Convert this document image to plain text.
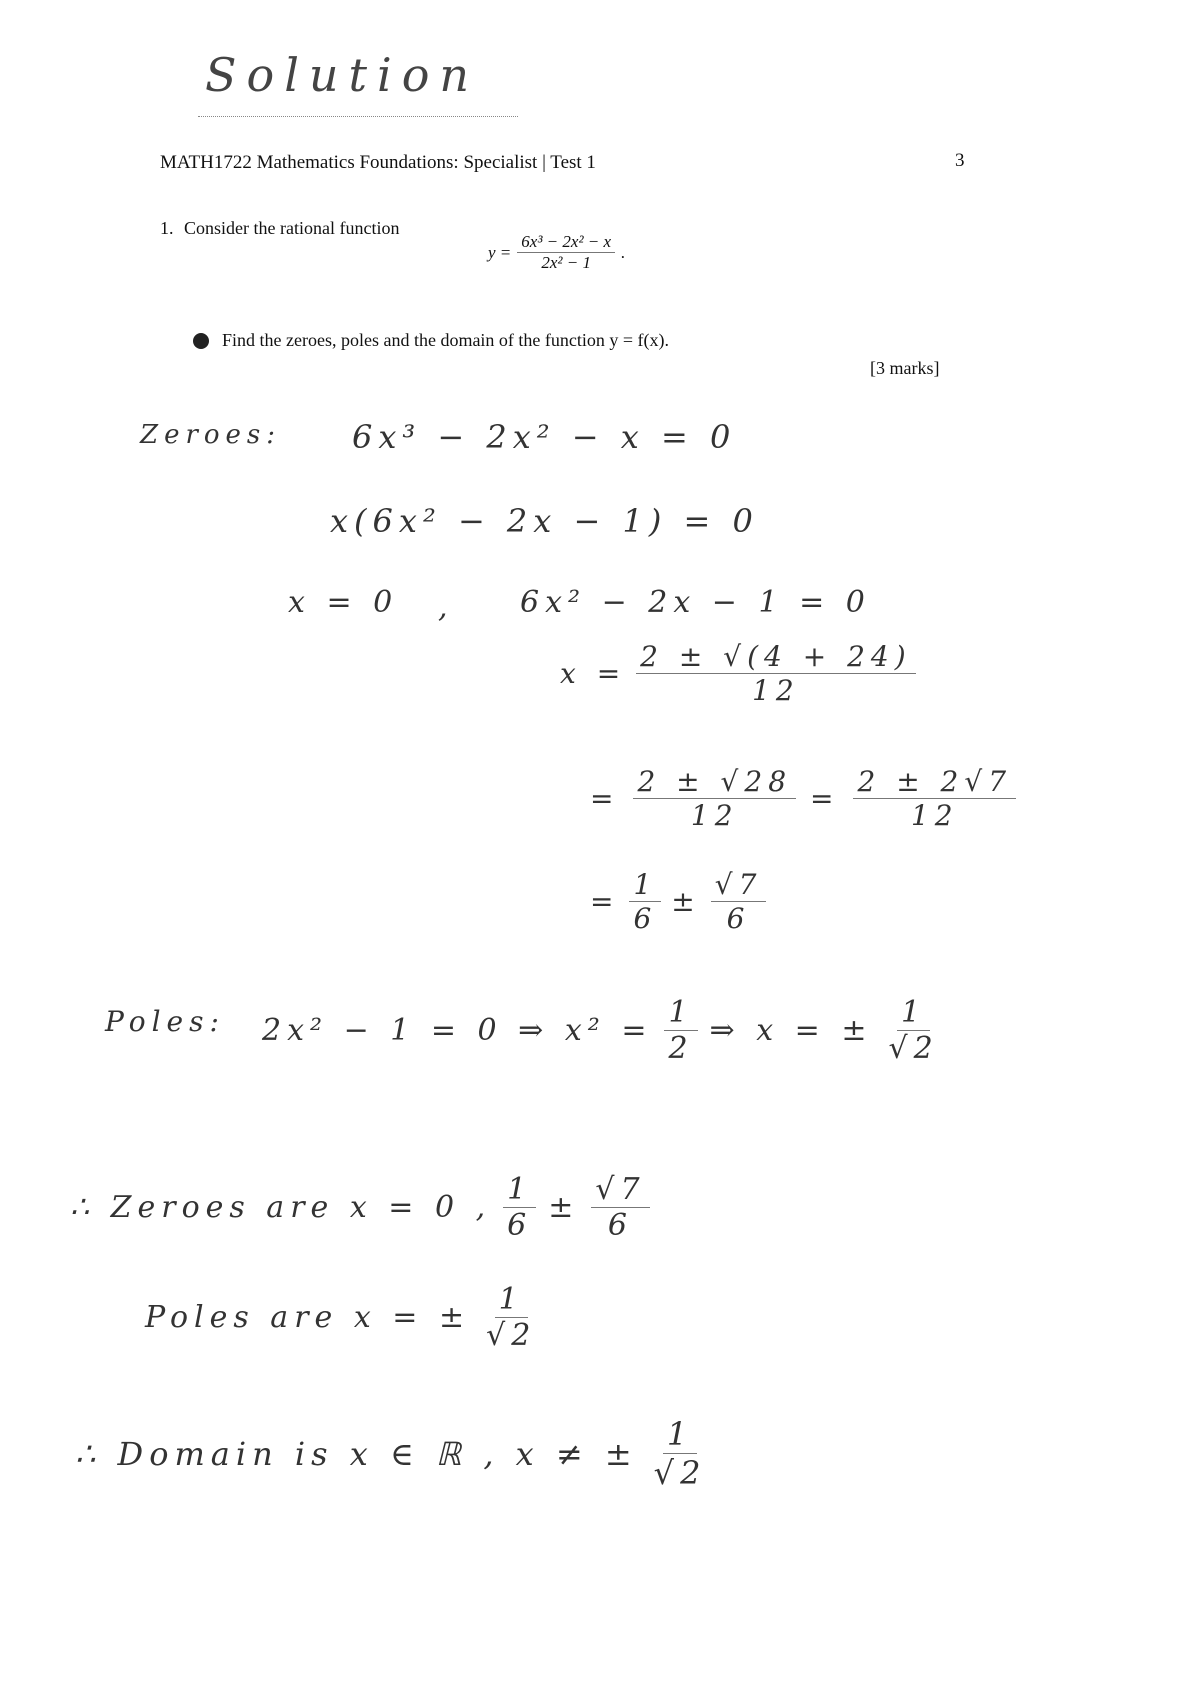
Solution
MATH1722 Mathematics Foundations: Specialist | Test 1	3
1. Consider the rational function
$y = \frac{\text{6x³ − 2x² − x}}{\text{2x² − 1}}$ .
Find the zeroes, poles and the domain of the function y = f(x).
[3 marks]
Zeroes: 6x³ − 2x² − x = 0
x(6x² − 2x − 1) = 0
x = 0 , 6x² − 2x − 1 = 0
$x = \frac{2 \pm √(4 + 24)}{12}$
= $\frac{2 \pm √28}{12} = \frac{2 \pm 2√7}{12}$
= $\frac{1}{6} \pm \frac{√7}{6}$
Poles: 2x² − 1 = 0 ⇒ $x^2 = \frac{1}{2}$ ⇒ x = ± $\frac{1}{√2}$
∴ Zeroes are x = 0 , $\frac{1}{6} \pm \frac{√7}{6}$
Poles are x = ± $\frac{1}{√2}$
∴ Domain is x ∈ ℝ , x ≠ ± $\frac{1}{√2}$
